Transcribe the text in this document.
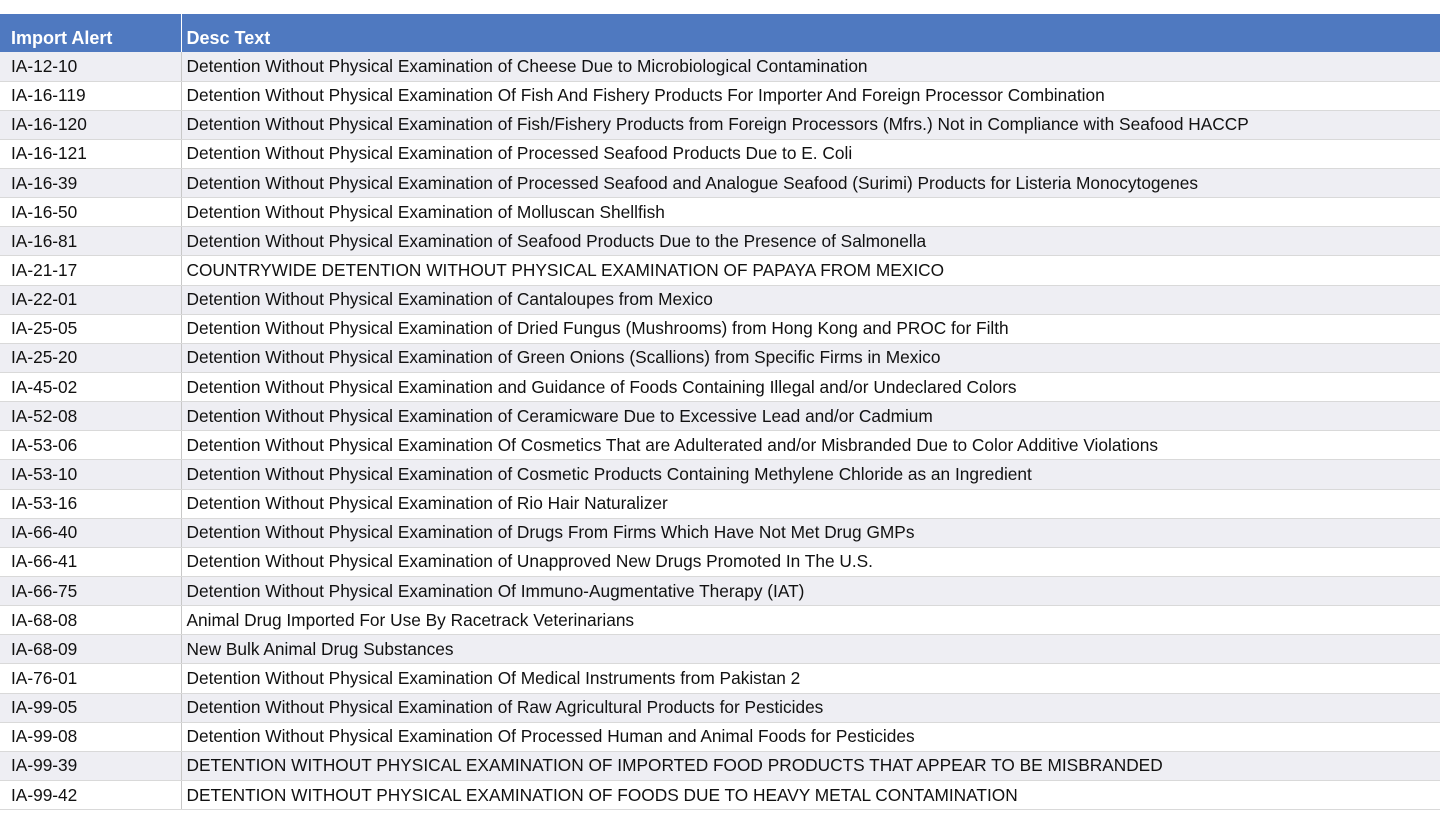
Import Alert	Desc Text
IA-12-10	Detention Without Physical Examination of Cheese Due to Microbiological Contamination
IA-16-119	Detention Without Physical Examination Of Fish And Fishery Products For Importer And Foreign Processor Combination
IA-16-120	Detention Without Physical Examination of Fish/Fishery Products from Foreign Processors (Mfrs.) Not in Compliance with Seafood HACCP
IA-16-121	Detention Without Physical Examination of Processed Seafood Products Due to E. Coli
IA-16-39	Detention Without Physical Examination of Processed Seafood and Analogue Seafood (Surimi) Products for Listeria Monocytogenes
IA-16-50	Detention Without Physical Examination of Molluscan Shellfish
IA-16-81	Detention Without Physical Examination of Seafood Products Due to the Presence of Salmonella
IA-21-17	COUNTRYWIDE DETENTION WITHOUT PHYSICAL EXAMINATION OF PAPAYA FROM MEXICO
IA-22-01	Detention Without Physical Examination of Cantaloupes from Mexico
IA-25-05	Detention Without Physical Examination of Dried Fungus (Mushrooms) from Hong Kong and PROC for Filth
IA-25-20	Detention Without Physical Examination of Green Onions (Scallions) from Specific Firms in Mexico
IA-45-02	Detention Without Physical Examination and Guidance of Foods Containing Illegal and/or Undeclared Colors
IA-52-08	Detention Without Physical Examination of Ceramicware Due to Excessive Lead and/or Cadmium
IA-53-06	Detention Without Physical Examination Of Cosmetics That are Adulterated and/or Misbranded Due to Color Additive Violations
IA-53-10	Detention Without Physical Examination of Cosmetic Products Containing Methylene Chloride as an Ingredient
IA-53-16	Detention Without Physical Examination of Rio Hair Naturalizer
IA-66-40	Detention Without Physical Examination of Drugs From Firms Which Have Not Met Drug GMPs
IA-66-41	Detention Without Physical Examination of Unapproved New Drugs Promoted In The U.S.
IA-66-75	Detention Without Physical Examination Of Immuno-Augmentative Therapy (IAT)
IA-68-08	Animal Drug Imported For Use By Racetrack Veterinarians
IA-68-09	New Bulk Animal Drug Substances
IA-76-01	Detention Without Physical Examination Of Medical Instruments from Pakistan 2
IA-99-05	Detention Without Physical Examination of Raw Agricultural Products for Pesticides
IA-99-08	Detention Without Physical Examination Of Processed Human and Animal Foods for Pesticides
IA-99-39	DETENTION WITHOUT PHYSICAL EXAMINATION OF IMPORTED FOOD PRODUCTS THAT APPEAR TO BE MISBRANDED
IA-99-42	DETENTION WITHOUT PHYSICAL EXAMINATION OF FOODS DUE TO HEAVY METAL CONTAMINATION
